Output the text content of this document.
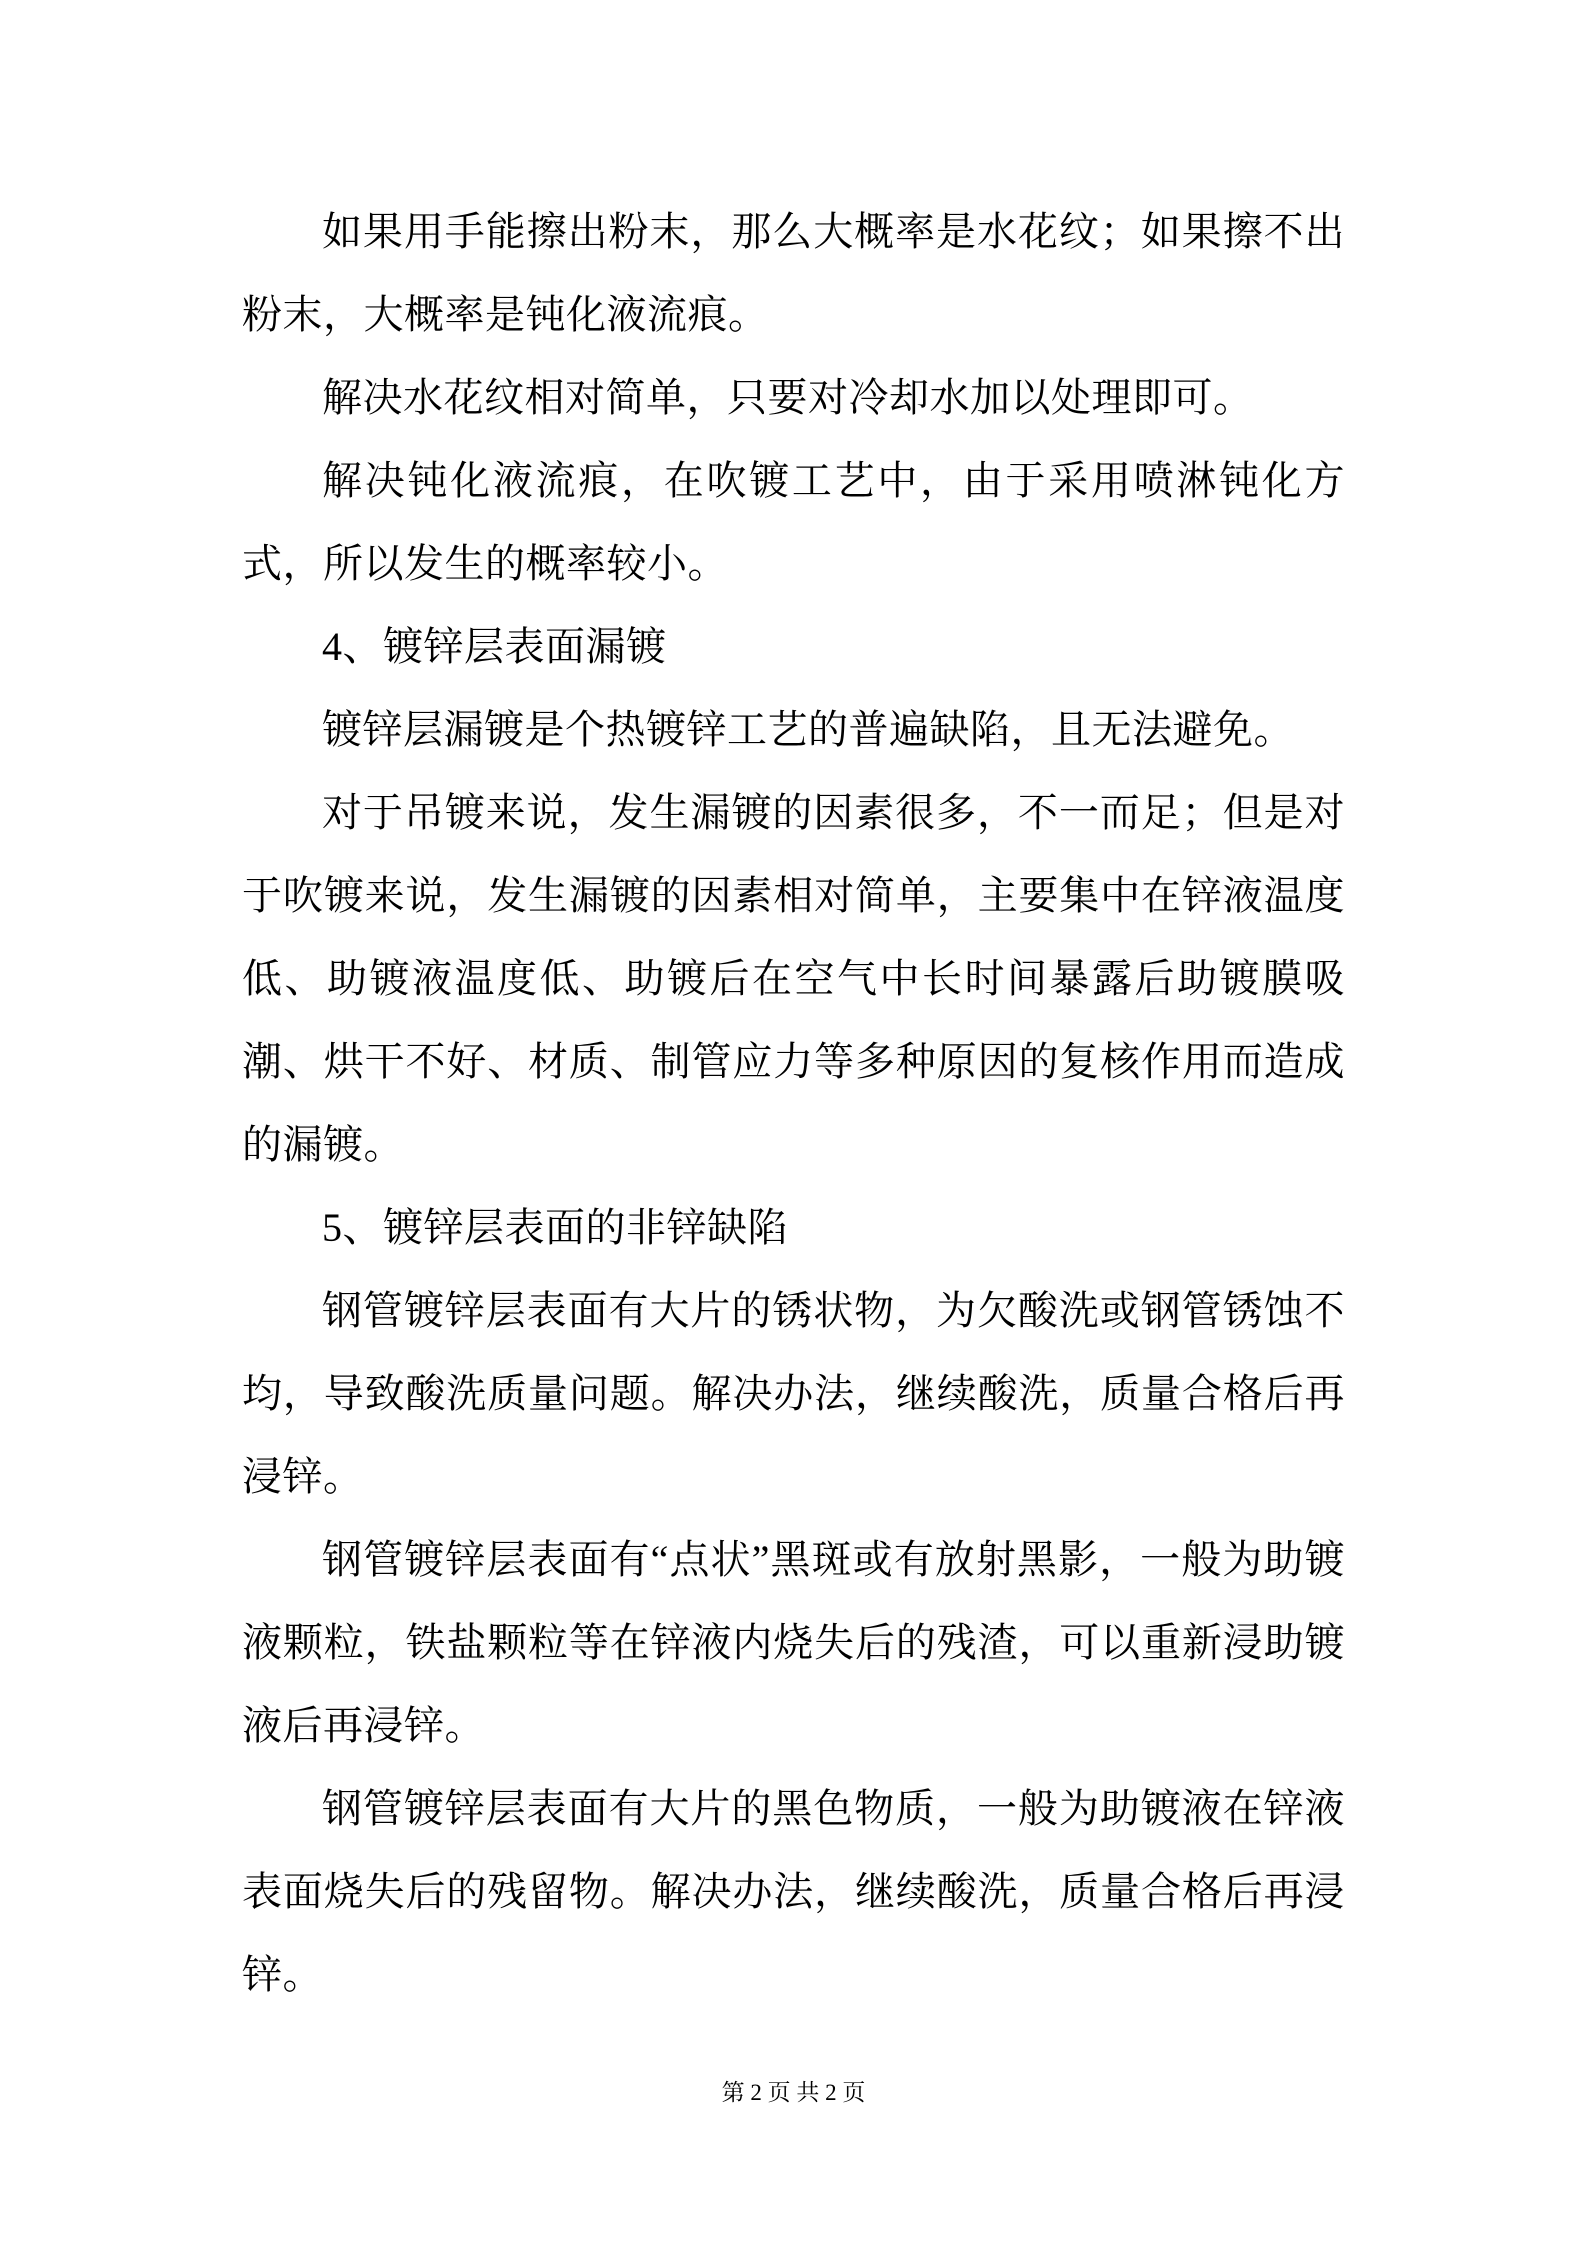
如果用手能擦出粉末，那么大概率是水花纹；如果擦不出粉末，大概率是钝化液流痕。

解决水花纹相对简单，只要对冷却水加以处理即可。

解决钝化液流痕，在吹镀工艺中，由于采用喷淋钝化方式，所以发生的概率较小。

4、镀锌层表面漏镀

镀锌层漏镀是个热镀锌工艺的普遍缺陷，且无法避免。

对于吊镀来说，发生漏镀的因素很多，不一而足；但是对于吹镀来说，发生漏镀的因素相对简单，主要集中在锌液温度低、助镀液温度低、助镀后在空气中长时间暴露后助镀膜吸潮、烘干不好、材质、制管应力等多种原因的复核作用而造成的漏镀。

5、镀锌层表面的非锌缺陷

钢管镀锌层表面有大片的锈状物，为欠酸洗或钢管锈蚀不均，导致酸洗质量问题。解决办法，继续酸洗，质量合格后再浸锌。

钢管镀锌层表面有“点状”黑斑或有放射黑影，一般为助镀液颗粒，铁盐颗粒等在锌液内烧失后的残渣，可以重新浸助镀液后再浸锌。

钢管镀锌层表面有大片的黑色物质，一般为助镀液在锌液表面烧失后的残留物。解决办法，继续酸洗，质量合格后再浸锌。

第 2 页 共 2 页
